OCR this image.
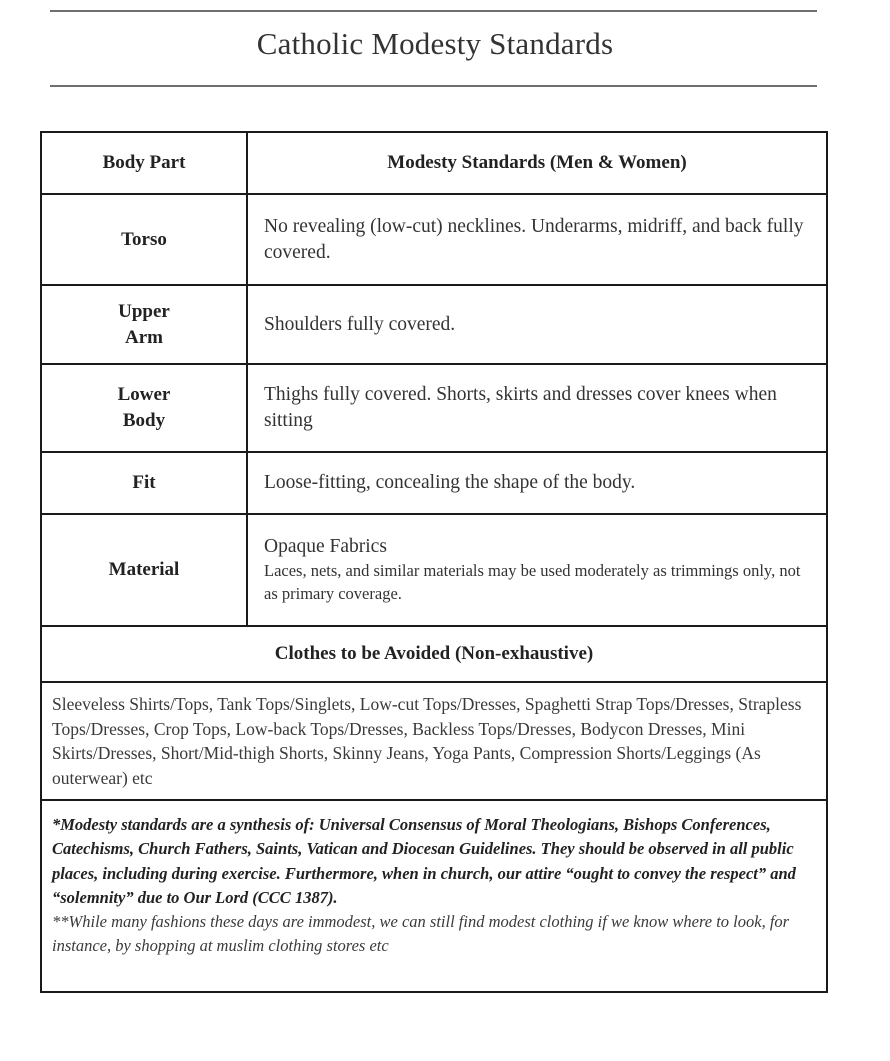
Catholic Modesty Standards
Body Part	Modesty Standards (Men & Women)
Torso
No revealing (low-cut) necklines. Underarms, midriff, and back fully covered.
Upper
Arm
Shoulders fully covered.
Lower
Body
Thighs fully covered. Shorts, skirts and dresses cover knees when sitting
Fit	Loose-fitting, concealing the shape of the body.
Material
Opaque Fabrics
Laces, nets, and similar materials may be used moderately as trimmings only, not as primary coverage.
Clothes to be Avoided (Non-exhaustive)
Sleeveless Shirts/Tops, Tank Tops/Singlets, Low-cut Tops/Dresses, Spaghetti Strap Tops/Dresses, Strapless Tops/Dresses, Crop Tops, Low-back Tops/Dresses, Backless Tops/Dresses, Bodycon Dresses, Mini Skirts/Dresses, Short/Mid-thigh Shorts, Skinny Jeans, Yoga Pants, Compression Shorts/Leggings (As outerwear) etc
*Modesty standards are a synthesis of: Universal Consensus of Moral Theologians, Bishops Conferences, Catechisms, Church Fathers, Saints, Vatican and Diocesan Guidelines. They should be observed in all public places, including during exercise. Furthermore, when in church, our attire “ought to convey the respect” and “solemnity” due to Our Lord (CCC 1387).
**While many fashions these days are immodest, we can still find modest clothing if we know where to look, for instance, by shopping at muslim clothing stores etc
